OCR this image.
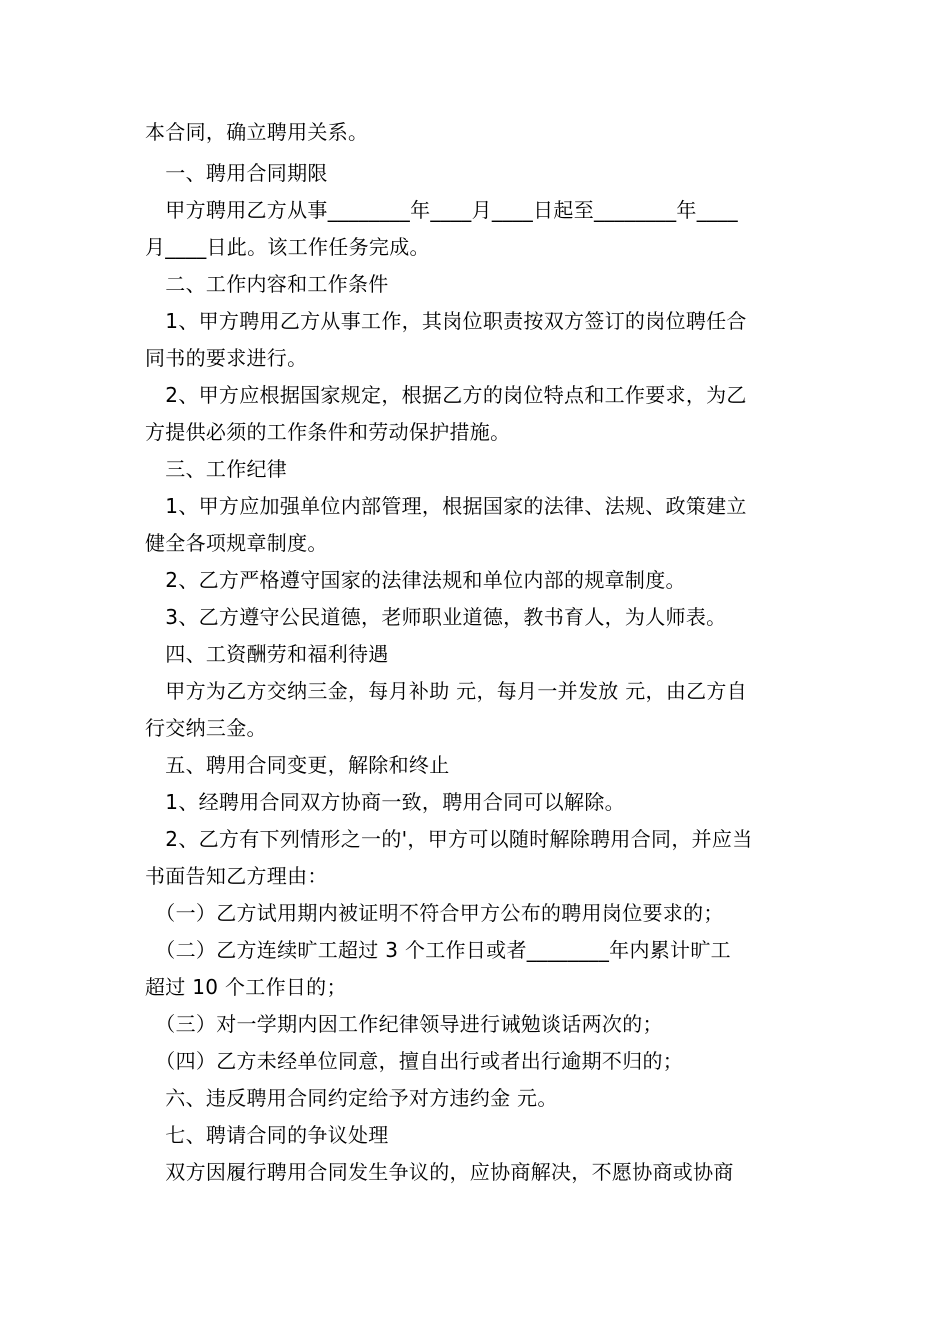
本合同，确立聘用关系。
　一、聘用合同期限
　甲方聘用乙方从事________年____月____日起至________年____
月____日此。该工作任务完成。
　二、工作内容和工作条件
　1、甲方聘用乙方从事工作，其岗位职责按双方签订的岗位聘任合
同书的要求进行。
　2、甲方应根据国家规定，根据乙方的岗位特点和工作要求，为乙
方提供必须的工作条件和劳动保护措施。
　三、工作纪律
　1、甲方应加强单位内部管理，根据国家的法律、法规、政策建立
健全各项规章制度。
　2、乙方严格遵守国家的法律法规和单位内部的规章制度。
　3、乙方遵守公民道德，老师职业道德，教书育人，为人师表。
　四、工资酬劳和福利待遇
　甲方为乙方交纳三金，每月补助 元，每月一并发放 元，由乙方自
行交纳三金。
　五、聘用合同变更，解除和终止
　1、经聘用合同双方协商一致，聘用合同可以解除。
　2、乙方有下列情形之一的'，甲方可以随时解除聘用合同，并应当
书面告知乙方理由：
　（一）乙方试用期内被证明不符合甲方公布的聘用岗位要求的；
　（二）乙方连续旷工超过 3 个工作日或者________年内累计旷工
超过 10 个工作日的；
　（三）对一学期内因工作纪律领导进行诫勉谈话两次的；
　（四）乙方未经单位同意，擅自出行或者出行逾期不归的；
　六、违反聘用合同约定给予对方违约金 元。
　七、聘请合同的争议处理
　双方因履行聘用合同发生争议的，应协商解决，不愿协商或协商
